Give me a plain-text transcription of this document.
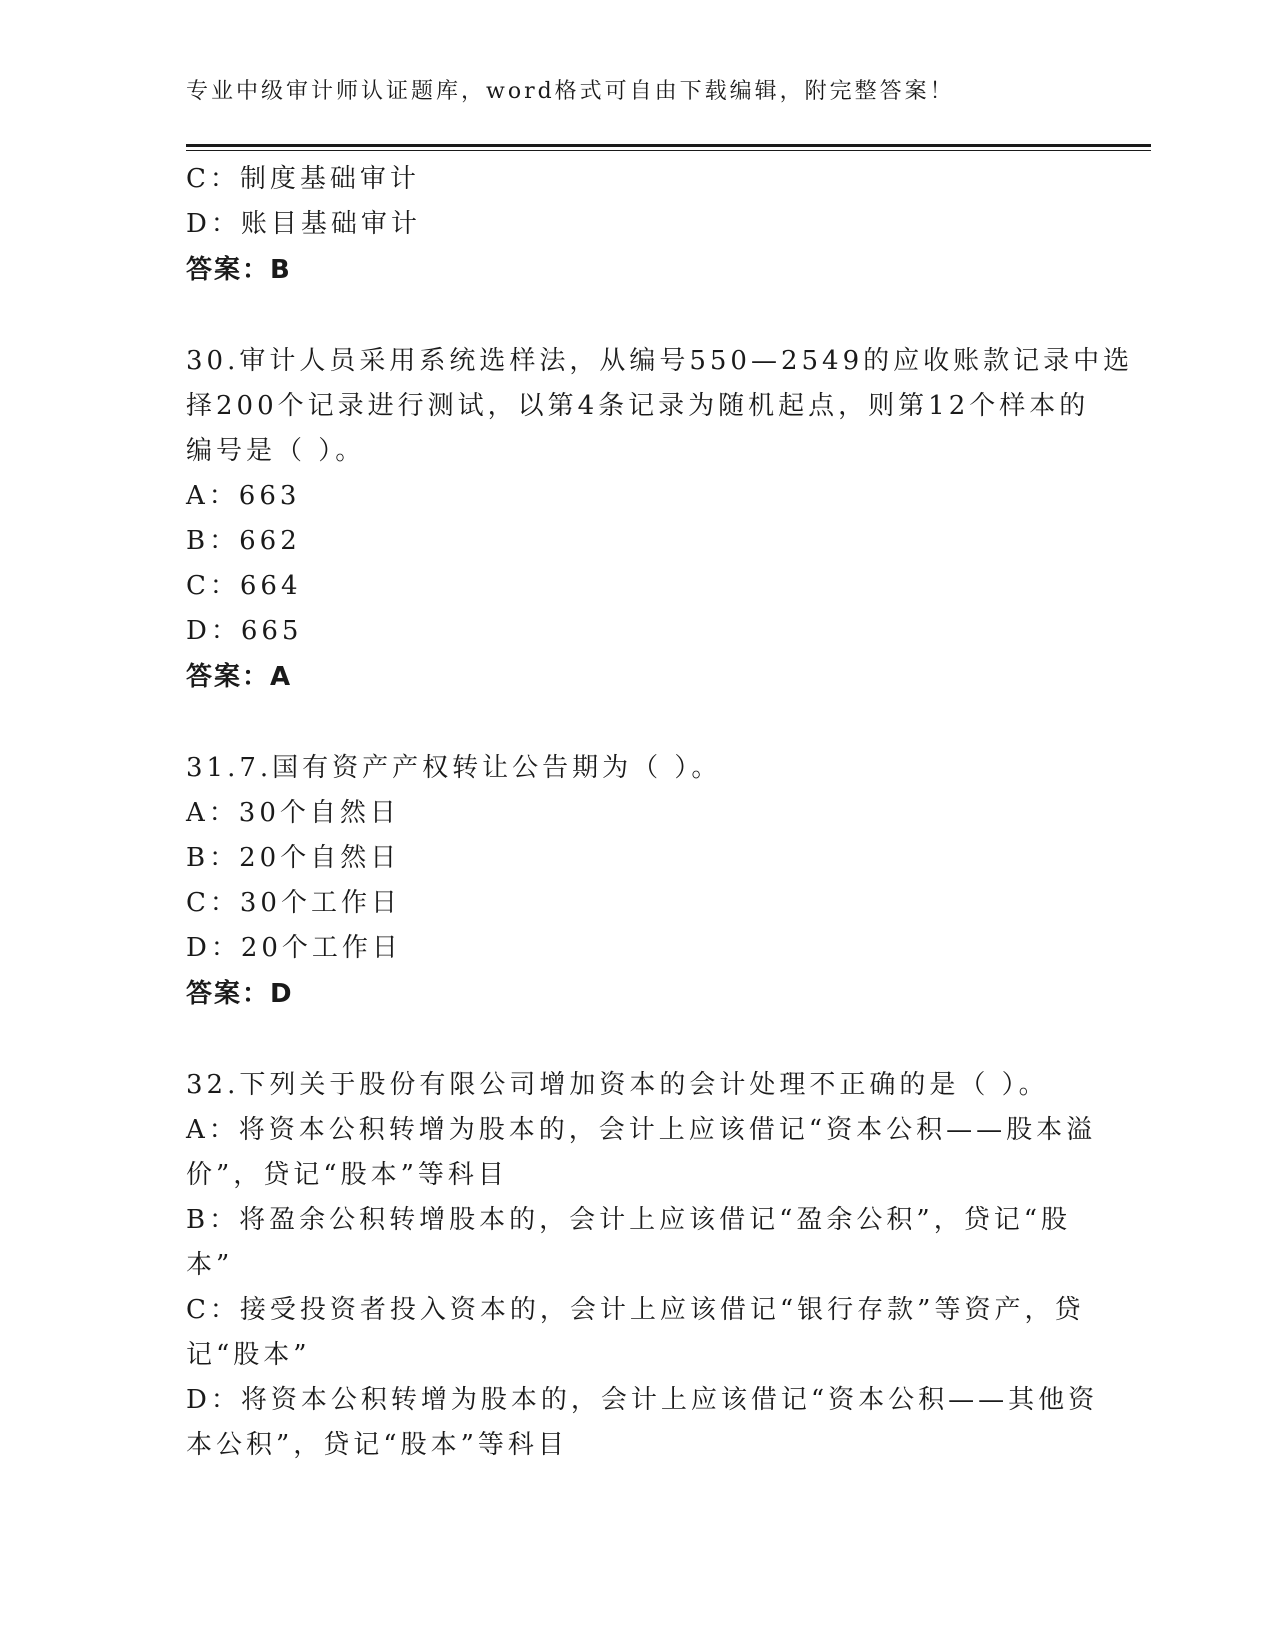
专业中级审计师认证题库，word格式可自由下载编辑，附完整答案！
C：制度基础审计
D：账目基础审计
答案：B
30.审计人员采用系统选样法，从编号550—2549的应收账款记录中选
择200个记录进行测试，以第4条记录为随机起点，则第12个样本的
编号是（ ）。
A：663
B：662
C：664
D：665
答案：A
31.7.国有资产产权转让公告期为（ ）。
A：30个自然日
B：20个自然日
C：30个工作日
D：20个工作日
答案：D
32.下列关于股份有限公司增加资本的会计处理不正确的是（ ）。
A：将资本公积转增为股本的，会计上应该借记“资本公积——股本溢
价”，贷记“股本”等科目
B：将盈余公积转增股本的，会计上应该借记“盈余公积”，贷记“股
本”
C：接受投资者投入资本的，会计上应该借记“银行存款”等资产，贷
记“股本”
D：将资本公积转增为股本的，会计上应该借记“资本公积——其他资
本公积”，贷记“股本”等科目
